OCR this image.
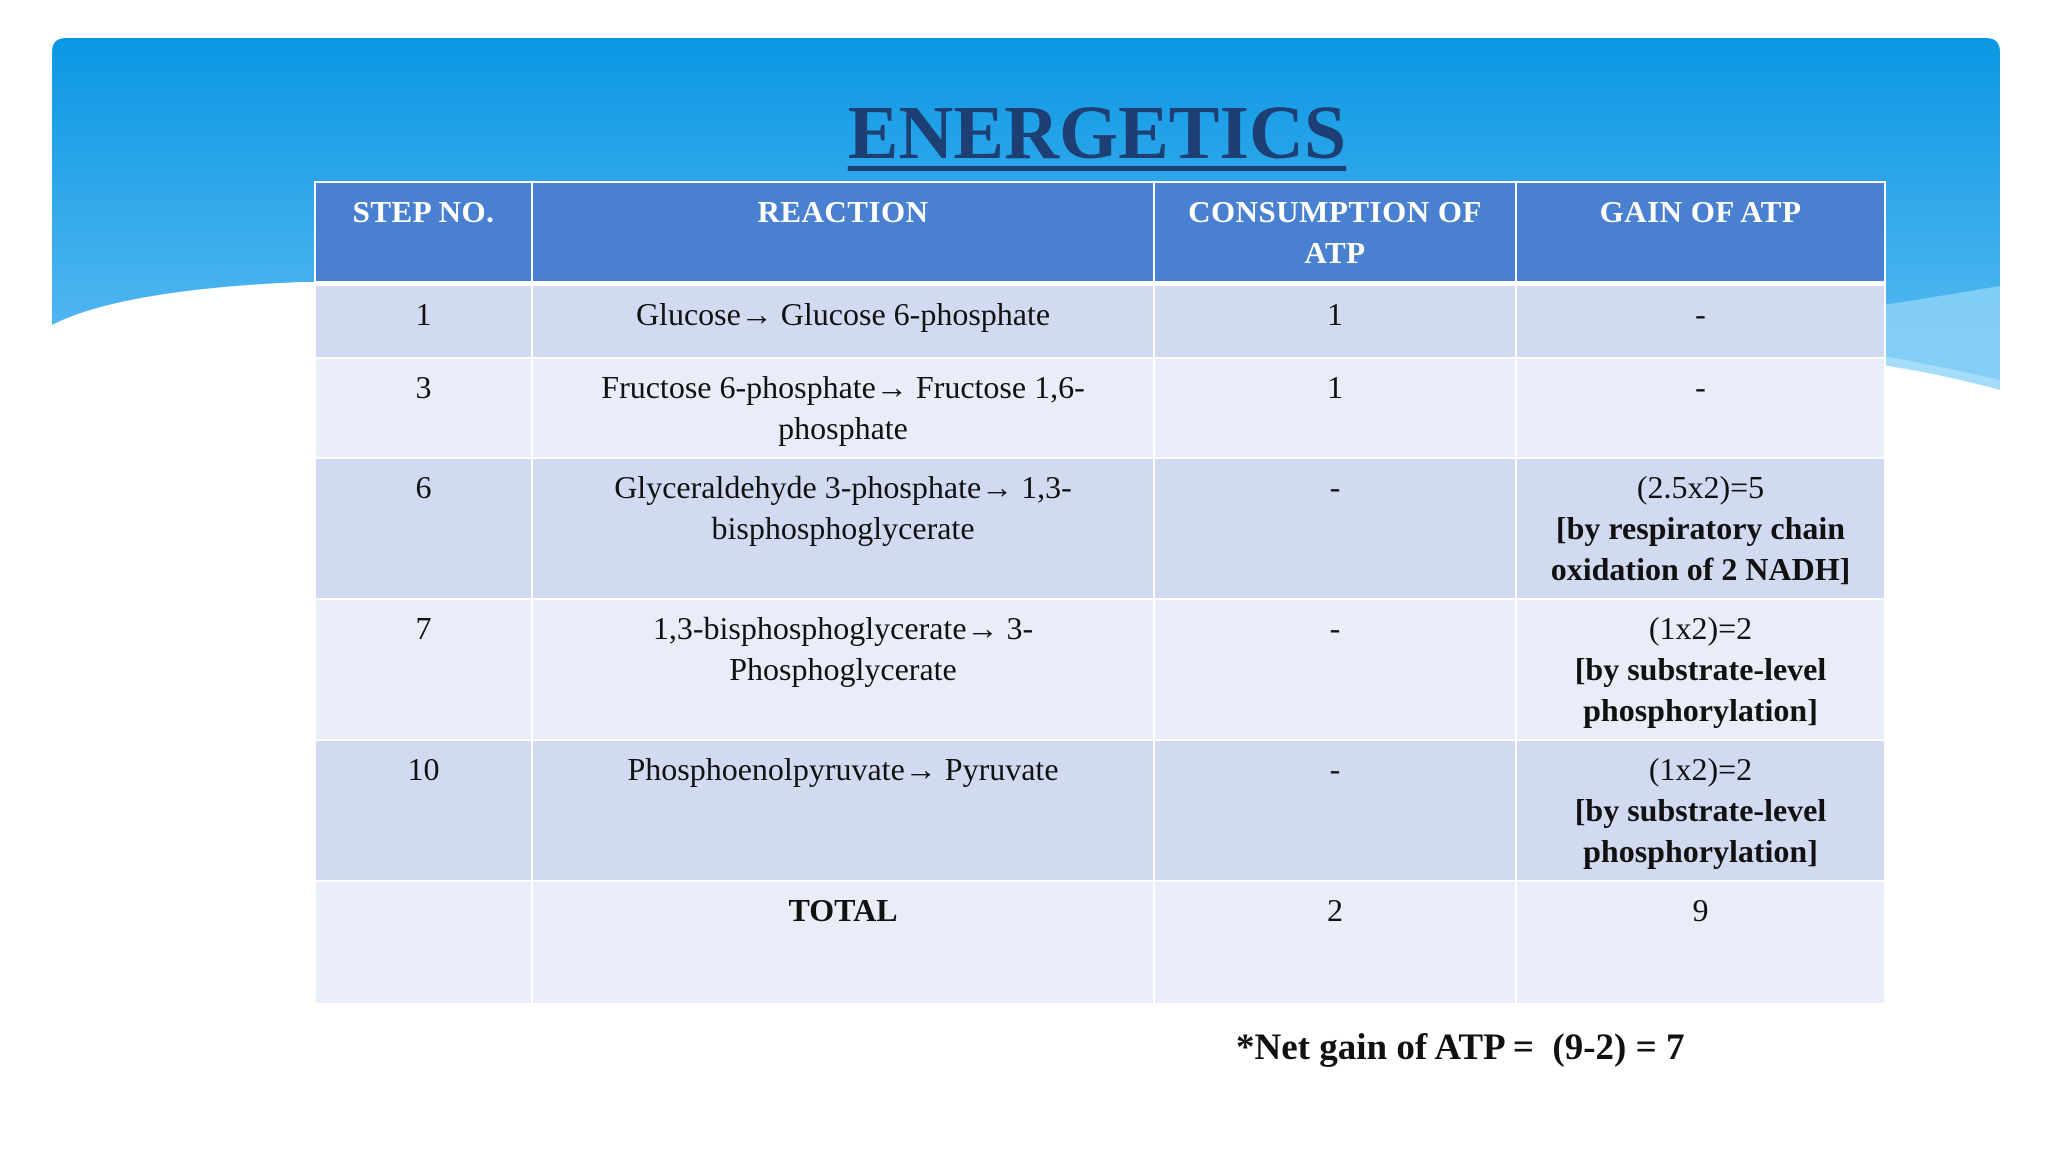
ENERGETICS
STEP NO.	REACTION	CONSUMPTION OF ATP	GAIN OF ATP
1	Glucose→ Glucose 6-phosphate	1	-
3	Fructose 6-phosphate→ Fructose 1,6-phosphate	1	-
6	Glyceraldehyde 3-phosphate→ 1,3-bisphosphoglycerate	-	(2.5x2)=5
[by respiratory chain oxidation of 2 NADH]

7	1,3-bisphosphoglycerate→ 3-Phosphoglycerate	-	(1x2)=2
[by substrate-level phosphorylation]

10	Phosphoenolpyruvate→ Pyruvate	-	(1x2)=2
[by substrate-level phosphorylation]

	TOTAL	2	9
*Net gain of ATP =  (9-2) = 7
